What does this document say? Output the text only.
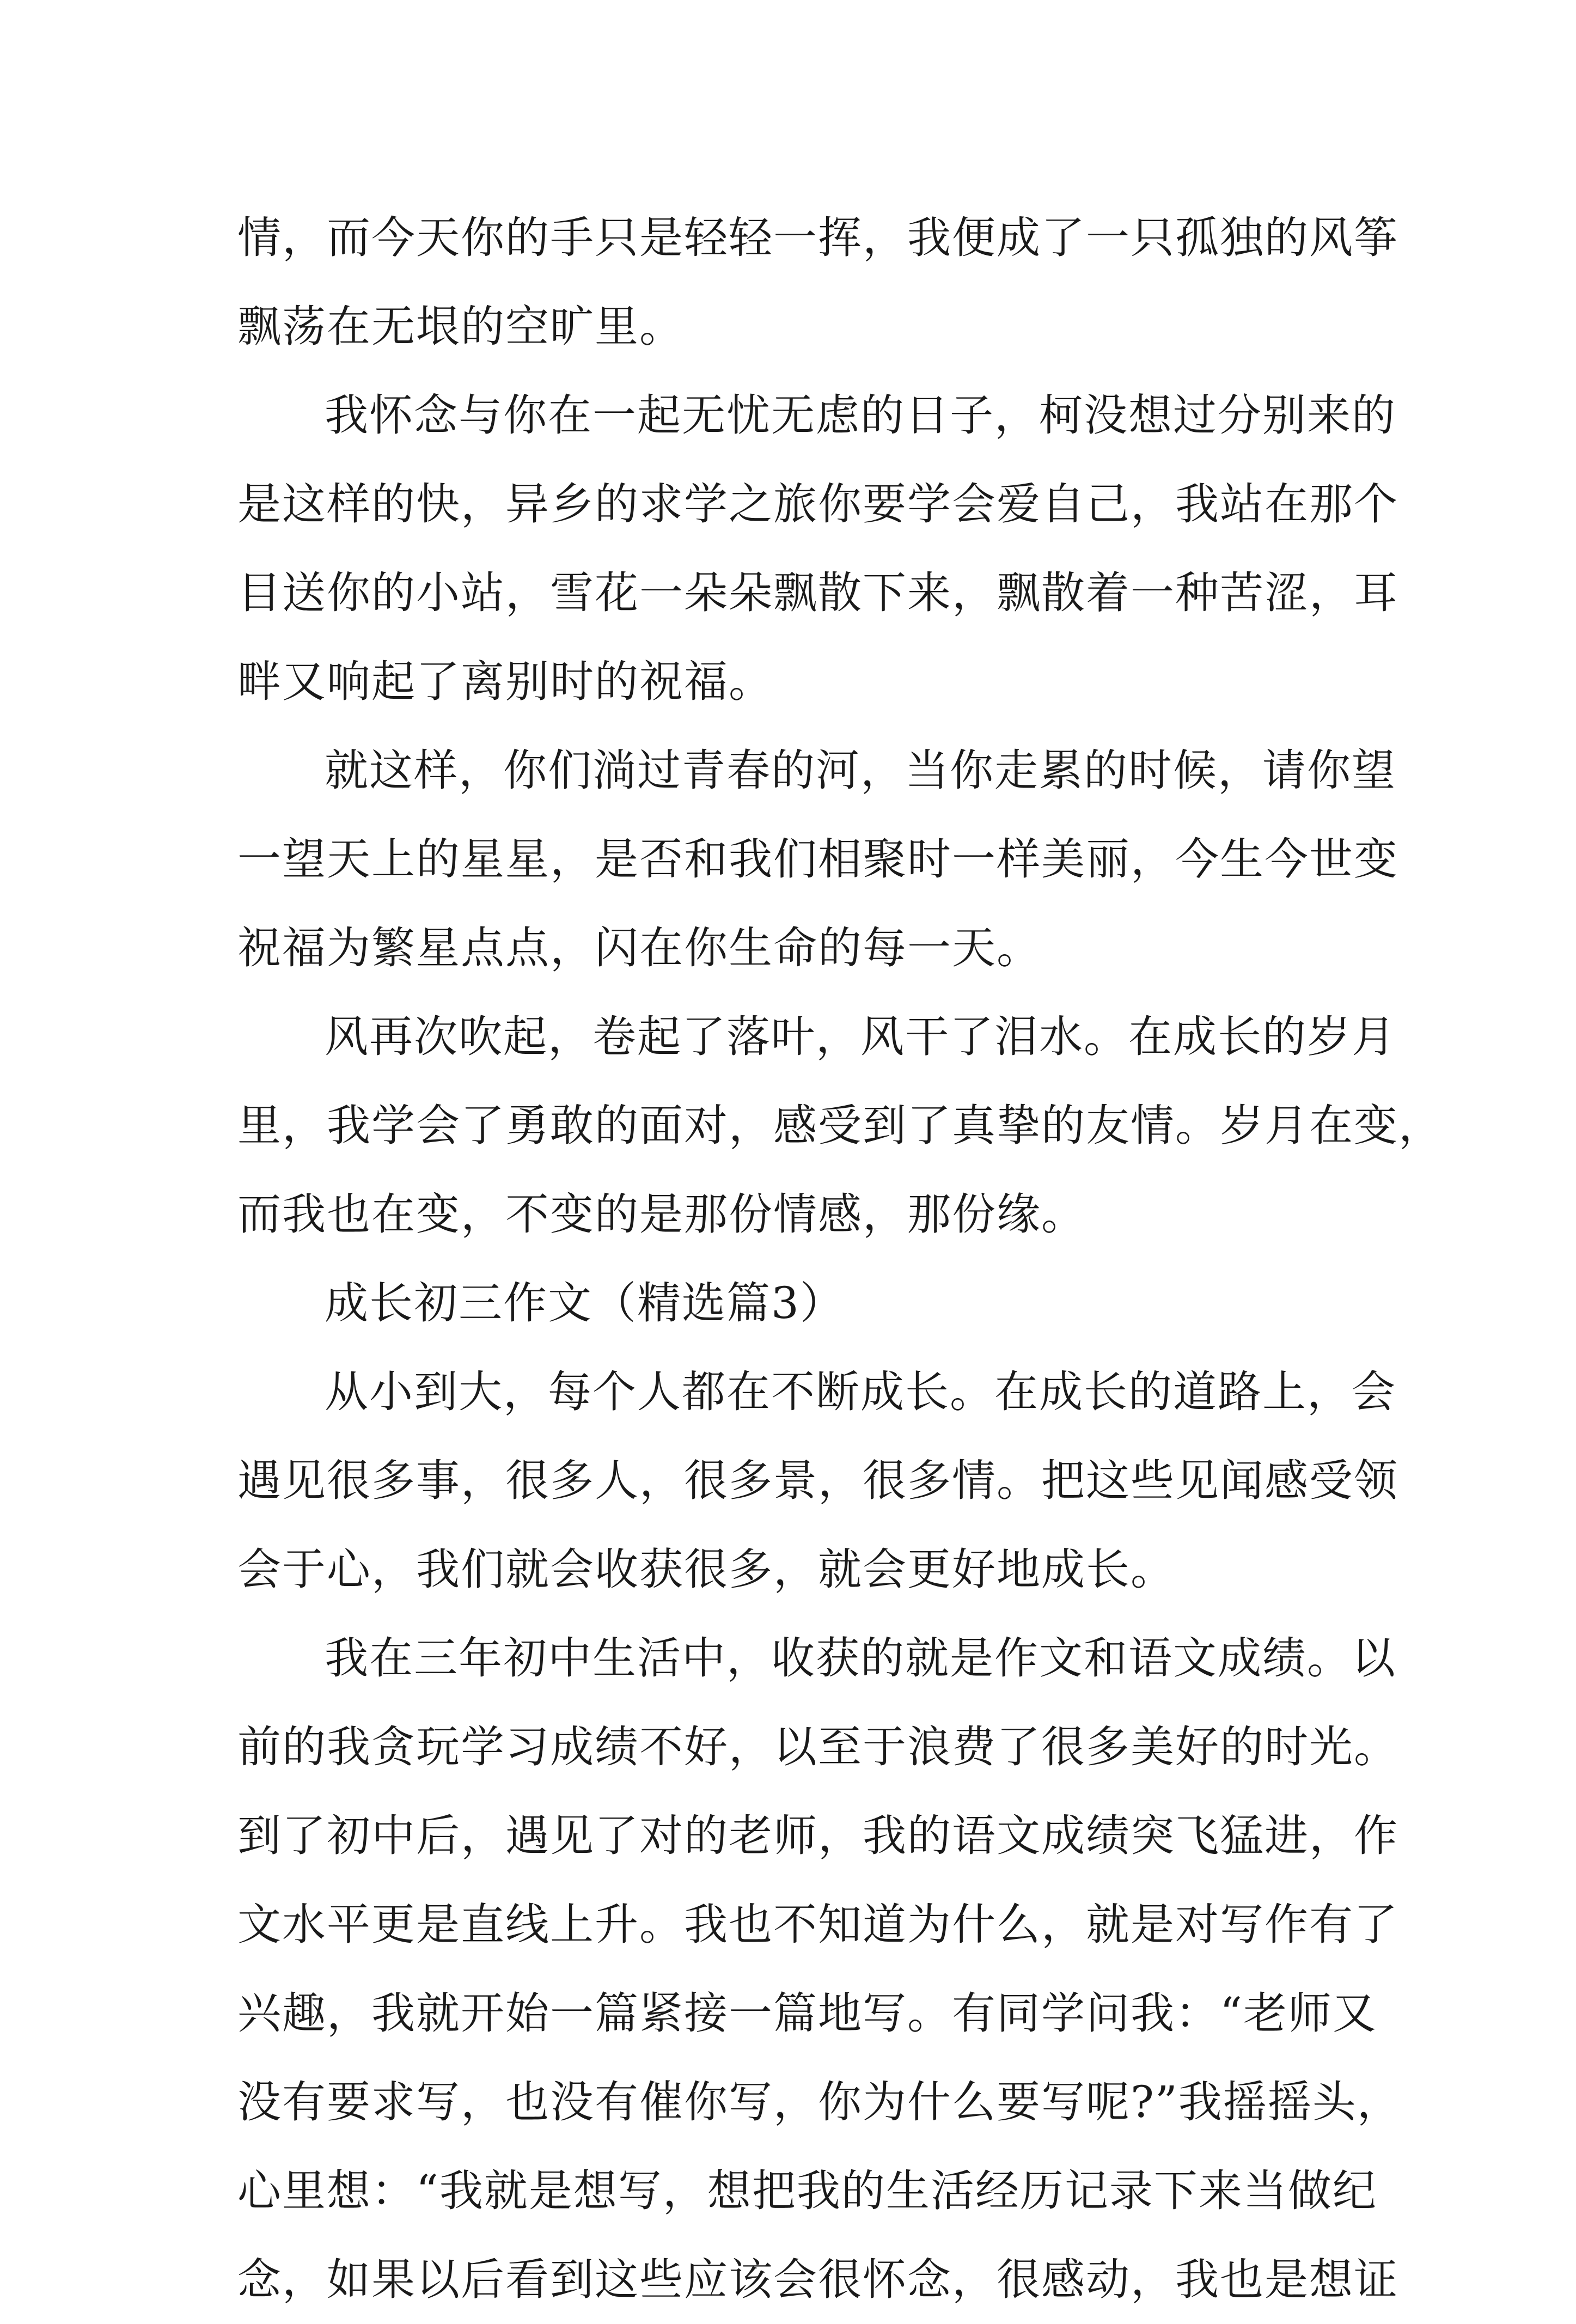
情，而今天你的手只是轻轻一挥，我便成了一只孤独的风筝
飘荡在无垠的空旷里。
我怀念与你在一起无忧无虑的日子，柯没想过分别来的
是这样的快，异乡的求学之旅你要学会爱自己，我站在那个
目送你的小站，雪花一朵朵飘散下来，飘散着一种苦涩，耳
畔又响起了离别时的祝福。
就这样，你们淌过青春的河，当你走累的时候，请你望
一望天上的星星，是否和我们相聚时一样美丽，今生今世变
祝福为繁星点点，闪在你生命的每一天。
风再次吹起，卷起了落叶，风干了泪水。在成长的岁月
里，我学会了勇敢的面对，感受到了真挚的友情。岁月在变，
而我也在变，不变的是那份情感，那份缘。
成长初三作文（精选篇3）
从小到大，每个人都在不断成长。在成长的道路上，会
遇见很多事，很多人，很多景，很多情。把这些见闻感受领
会于心，我们就会收获很多，就会更好地成长。
我在三年初中生活中，收获的就是作文和语文成绩。以
前的我贪玩学习成绩不好，以至于浪费了很多美好的时光。
到了初中后，遇见了对的老师，我的语文成绩突飞猛进，作
文水平更是直线上升。我也不知道为什么，就是对写作有了
兴趣，我就开始一篇紧接一篇地写。有同学问我：“老师又
没有要求写，也没有催你写，你为什么要写呢?”我摇摇头，
心里想：“我就是想写，想把我的生活经历记录下来当做纪
念，如果以后看到这些应该会很怀念，很感动，我也是想证
